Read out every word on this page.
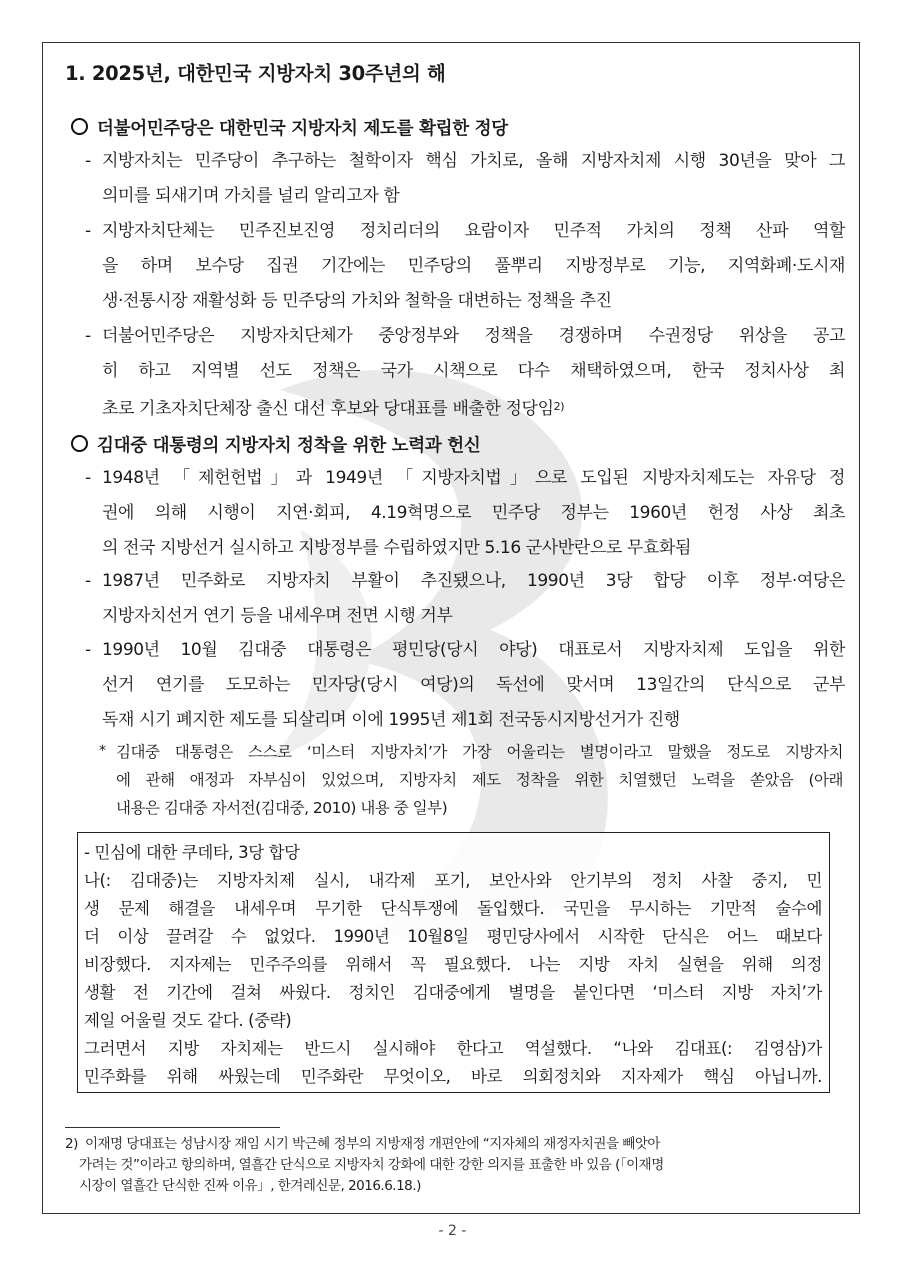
1. 2025년, 대한민국 지방자치 30주년의 해
더불어민주당은 대한민국 지방자치 제도를 확립한 정당
- 지방자치는 민주당이 추구하는 철학이자 핵심 가치로, 올해 지방자치제 시행 30년을 맞아 그
의미를 되새기며 가치를 널리 알리고자 함
- 지방자치단체는 민주진보진영 정치리더의 요람이자 민주적 가치의 정책 산파 역할
을 하며 보수당 집권 기간에는 민주당의 풀뿌리 지방정부로 기능, 지역화폐·도시재
생·전통시장 재활성화 등 민주당의 가치와 철학을 대변하는 정책을 추진
- 더불어민주당은 지방자치단체가 중앙정부와 정책을 경쟁하며 수권정당 위상을 공고
히 하고 지역별 선도 정책은 국가 시책으로 다수 채택하였으며, 한국 정치사상 최
초로 기초자치단체장 출신 대선 후보와 당대표를 배출한 정당임$^{2)}$
김대중 대통령의 지방자치 정착을 위한 노력과 헌신
- 1948년 「제헌헌법」과 1949년 「지방자치법」으로 도입된 지방자치제도는 자유당 정
권에 의해 시행이 지연·회피, 4.19혁명으로 민주당 정부는 1960년 헌정 사상 최초
의 전국 지방선거 실시하고 지방정부를 수립하였지만 5.16 군사반란으로 무효화됨
- 1987년 민주화로 지방자치 부활이 추진됐으나, 1990년 3당 합당 이후 정부·여당은
지방자치선거 연기 등을 내세우며 전면 시행 거부
- 1990년 10월 김대중 대통령은 평민당(당시 야당) 대표로서 지방자치제 도입을 위한
선거 연기를 도모하는 민자당(당시 여당)의 독선에 맞서며 13일간의 단식으로 군부
독재 시기 폐지한 제도를 되살리며 이에 1995년 제1회 전국동시지방선거가 진행
* 김대중 대통령은 스스로 ‘미스터 지방자치’가 가장 어울리는 별명이라고 말했을 정도로 지방자치
에 관해 애정과 자부심이 있었으며, 지방자치 제도 정착을 위한 치열했던 노력을 쏟았음 (아래
내용은 김대중 자서전(김대중, 2010) 내용 중 일부)
- 민심에 대한 쿠데타, 3당 합당
나(: 김대중)는 지방자치제 실시, 내각제 포기, 보안사와 안기부의 정치 사찰 중지, 민
생 문제 해결을 내세우며 무기한 단식투쟁에 돌입했다. 국민을 무시하는 기만적 술수에
더 이상 끌려갈 수 없었다. 1990년 10월8일 평민당사에서 시작한 단식은 어느 때보다
비장했다. 지자제는 민주주의를 위해서 꼭 필요했다. 나는 지방 자치 실현을 위해 의정
생활 전 기간에 걸쳐 싸웠다. 정치인 김대중에게 별명을 붙인다면 ‘미스터 지방 자치’가
제일 어울릴 것도 같다. (중략)
그러면서 지방 자치제는 반드시 실시해야 한다고 역설했다. “나와 김대표(: 김영삼)가
민주화를 위해 싸웠는데 민주화란 무엇이오, 바로 의회정치와 지자제가 핵심 아닙니까.
2) 이재명 당대표는 성남시장 재임 시기 박근혜 정부의 지방재정 개편안에 “지자체의 재정자치권을 빼앗아
가려는 것”이라고 항의하며, 열흘간 단식으로 지방자치 강화에 대한 강한 의지를 표출한 바 있음 (「이재명
시장이 열흘간 단식한 진짜 이유」, 한겨레신문, 2016.6.18.)
- 2 -
